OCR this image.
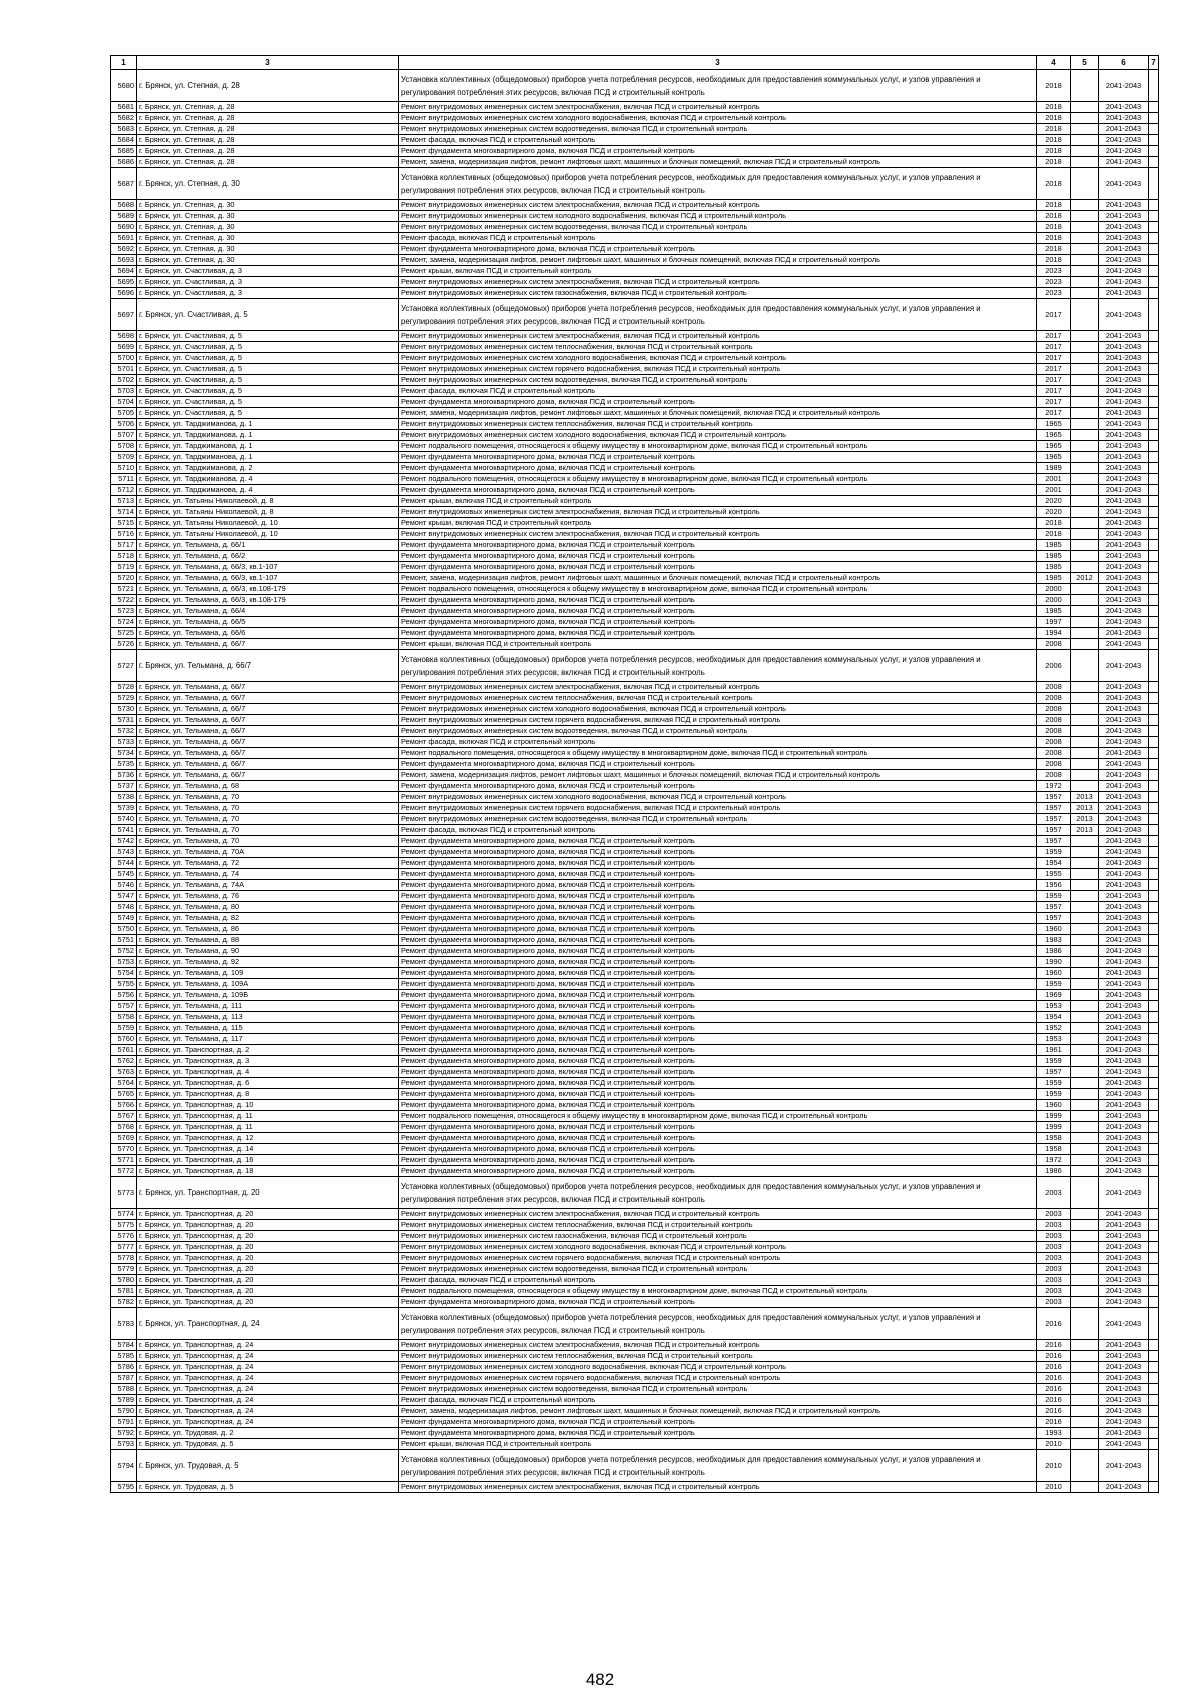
1	3	3	4	5	6	7
5680	г. Брянск, ул. Степная, д. 28	Установка коллективных (общедомовых) приборов учета потребления ресурсов, необходимых для предоставления коммунальных услуг, и узлов управления и регулирования потребления этих ресурсов, включая ПСД и строительный контроль	2018		2041-2043	
5681	г. Брянск, ул. Степная, д. 28	Ремонт внутридомовых инженерных систем электроснабжения, включая ПСД и строительный контроль	2018		2041-2043	
5682	г. Брянск, ул. Степная, д. 28	Ремонт внутридомовых инженерных систем холодного водоснабжения, включая ПСД и строительный контроль	2018		2041-2043	
5683	г. Брянск, ул. Степная, д. 28	Ремонт внутридомовых инженерных систем водоотведения, включая ПСД и строительный контроль	2018		2041-2043	
5684	г. Брянск, ул. Степная, д. 28	Ремонт фасада, включая ПСД и строительный контроль	2018		2041-2043	
5685	г. Брянск, ул. Степная, д. 28	Ремонт фундамента многоквартирного дома, включая ПСД и строительный контроль	2018		2041-2043	
5686	г. Брянск, ул. Степная, д. 28	Ремонт, замена, модернизация лифтов, ремонт лифтовых шахт, машинных и блочных помещений, включая ПСД и строительный контроль	2018		2041-2043	
5687	г. Брянск, ул. Степная, д. 30	Установка коллективных (общедомовых) приборов учета потребления ресурсов, необходимых для предоставления коммунальных услуг, и узлов управления и регулирования потребления этих ресурсов, включая ПСД и строительный контроль	2018		2041-2043	
5688	г. Брянск, ул. Степная, д. 30	Ремонт внутридомовых инженерных систем электроснабжения, включая ПСД и строительный контроль	2018		2041-2043	
5689	г. Брянск, ул. Степная, д. 30	Ремонт внутридомовых инженерных систем холодного водоснабжения, включая ПСД и строительный контроль	2018		2041-2043	
5690	г. Брянск, ул. Степная, д. 30	Ремонт внутридомовых инженерных систем водоотведения, включая ПСД и строительный контроль	2018		2041-2043	
5691	г. Брянск, ул. Степная, д. 30	Ремонт фасада, включая ПСД и строительный контроль	2018		2041-2043	
5692	г. Брянск, ул. Степная, д. 30	Ремонт фундамента многоквартирного дома, включая ПСД и строительный контроль	2018		2041-2043	
5693	г. Брянск, ул. Степная, д. 30	Ремонт, замена, модернизация лифтов, ремонт лифтовых шахт, машинных и блочных помещений, включая ПСД и строительный контроль	2018		2041-2043	
5694	г. Брянск, ул. Счастливая, д. 3	Ремонт крыши, включая ПСД и строительный контроль	2023		2041-2043	
5695	г. Брянск, ул. Счастливая, д. 3	Ремонт внутридомовых инженерных систем электроснабжения, включая ПСД и строительный контроль	2023		2041-2043	
5696	г. Брянск, ул. Счастливая, д. 3	Ремонт внутридомовых инженерных систем газоснабжения, включая ПСД и строительный контроль	2023		2041-2043	
5697	г. Брянск, ул. Счастливая, д. 5	Установка коллективных (общедомовых) приборов учета потребления ресурсов, необходимых для предоставления коммунальных услуг, и узлов управления и регулирования потребления этих ресурсов, включая ПСД и строительный контроль	2017		2041-2043	
5698	г. Брянск, ул. Счастливая, д. 5	Ремонт внутридомовых инженерных систем электроснабжения, включая ПСД и строительный контроль	2017		2041-2043	
5699	г. Брянск, ул. Счастливая, д. 5	Ремонт внутридомовых инженерных систем теплоснабжения, включая ПСД и строительный контроль	2017		2041-2043	
5700	г. Брянск, ул. Счастливая, д. 5	Ремонт внутридомовых инженерных систем холодного водоснабжения, включая ПСД и строительный контроль	2017		2041-2043	
5701	г. Брянск, ул. Счастливая, д. 5	Ремонт внутридомовых инженерных систем горячего водоснабжения, включая ПСД и строительный контроль	2017		2041-2043	
5702	г. Брянск, ул. Счастливая, д. 5	Ремонт внутридомовых инженерных систем водоотведения, включая ПСД и строительный контроль	2017		2041-2043	
5703	г. Брянск, ул. Счастливая, д. 5	Ремонт фасада, включая ПСД и строительный контроль	2017		2041-2043	
5704	г. Брянск, ул. Счастливая, д. 5	Ремонт фундамента многоквартирного дома, включая ПСД и строительный контроль	2017		2041-2043	
5705	г. Брянск, ул. Счастливая, д. 5	Ремонт, замена, модернизация лифтов, ремонт лифтовых шахт, машинных и блочных помещений, включая ПСД и строительный контроль	2017		2041-2043	
5706	г. Брянск, ул. Тарджиманова, д. 1	Ремонт внутридомовых инженерных систем теплоснабжения, включая ПСД и строительный контроль	1965		2041-2043	
5707	г. Брянск, ул. Тарджиманова, д. 1	Ремонт внутридомовых инженерных систем холодного водоснабжения, включая ПСД и строительный контроль	1965		2041-2043	
5708	г. Брянск, ул. Тарджиманова, д. 1	Ремонт подвального помещения, относящегося к общему имуществу в многоквартирном доме, включая ПСД и строительный контроль	1965		2041-2043	
5709	г. Брянск, ул. Тарджиманова, д. 1	Ремонт фундамента многоквартирного дома, включая ПСД и строительный контроль	1965		2041-2043	
5710	г. Брянск, ул. Тарджиманова, д. 2	Ремонт фундамента многоквартирного дома, включая ПСД и строительный контроль	1989		2041-2043	
5711	г. Брянск, ул. Тарджиманова, д. 4	Ремонт подвального помещения, относящегося к общему имуществу в многоквартирном доме, включая ПСД и строительный контроль	2001		2041-2043	
5712	г. Брянск, ул. Тарджиманова, д. 4	Ремонт фундамента многоквартирного дома, включая ПСД и строительный контроль	2001		2041-2043	
5713	г. Брянск, ул. Татьяны Николаевой, д. 8	Ремонт крыши, включая ПСД и строительный контроль	2020		2041-2043	
5714	г. Брянск, ул. Татьяны Николаевой, д. 8	Ремонт внутридомовых инженерных систем электроснабжения, включая ПСД и строительный контроль	2020		2041-2043	
5715	г. Брянск, ул. Татьяны Николаевой, д. 10	Ремонт крыши, включая ПСД и строительный контроль	2018		2041-2043	
5716	г. Брянск, ул. Татьяны Николаевой, д. 10	Ремонт внутридомовых инженерных систем электроснабжения, включая ПСД и строительный контроль	2018		2041-2043	
5717	г. Брянск, ул. Тельмана, д. 66/1	Ремонт фундамента многоквартирного дома, включая ПСД и строительный контроль	1985		2041-2043	
5718	г. Брянск, ул. Тельмана, д. 66/2	Ремонт фундамента многоквартирного дома, включая ПСД и строительный контроль	1985		2041-2043	
5719	г. Брянск, ул. Тельмана, д. 66/3, кв.1-107	Ремонт фундамента многоквартирного дома, включая ПСД и строительный контроль	1985		2041-2043	
5720	г. Брянск, ул. Тельмана, д. 66/3, кв.1-107	Ремонт, замена, модернизация лифтов, ремонт лифтовых шахт, машинных и блочных помещений, включая ПСД и строительный контроль	1985	2012	2041-2043	
5721	г. Брянск, ул. Тельмана, д. 66/3, кв.108-179	Ремонт подвального помещения, относящегося к общему имуществу в многоквартирном доме, включая ПСД и строительный контроль	2000		2041-2043	
5722	г. Брянск, ул. Тельмана, д. 66/3, кв.108-179	Ремонт фундамента многоквартирного дома, включая ПСД и строительный контроль	2000		2041-2043	
5723	г. Брянск, ул. Тельмана, д. 66/4	Ремонт фундамента многоквартирного дома, включая ПСД и строительный контроль	1985		2041-2043	
5724	г. Брянск, ул. Тельмана, д. 66/5	Ремонт фундамента многоквартирного дома, включая ПСД и строительный контроль	1997		2041-2043	
5725	г. Брянск, ул. Тельмана, д. 66/6	Ремонт фундамента многоквартирного дома, включая ПСД и строительный контроль	1994		2041-2043	
5726	г. Брянск, ул. Тельмана, д. 66/7	Ремонт крыши, включая ПСД и строительный контроль	2008		2041-2043	
5727	г. Брянск, ул. Тельмана, д. 66/7	Установка коллективных (общедомовых) приборов учета потребления ресурсов, необходимых для предоставления коммунальных услуг, и узлов управления и регулирования потребления этих ресурсов, включая ПСД и строительный контроль	2006		2041-2043	
5728	г. Брянск, ул. Тельмана, д. 66/7	Ремонт внутридомовых инженерных систем электроснабжения, включая ПСД и строительный контроль	2008		2041-2043	
5729	г. Брянск, ул. Тельмана, д. 66/7	Ремонт внутридомовых инженерных систем теплоснабжения, включая ПСД и строительный контроль	2008		2041-2043	
5730	г. Брянск, ул. Тельмана, д. 66/7	Ремонт внутридомовых инженерных систем холодного водоснабжения, включая ПСД и строительный контроль	2008		2041-2043	
5731	г. Брянск, ул. Тельмана, д. 66/7	Ремонт внутридомовых инженерных систем горячего водоснабжения, включая ПСД и строительный контроль	2008		2041-2043	
5732	г. Брянск, ул. Тельмана, д. 66/7	Ремонт внутридомовых инженерных систем водоотведения, включая ПСД и строительный контроль	2008		2041-2043	
5733	г. Брянск, ул. Тельмана, д. 66/7	Ремонт фасада, включая ПСД и строительный контроль	2008		2041-2043	
5734	г. Брянск, ул. Тельмана, д. 66/7	Ремонт подвального помещения, относящегося к общему имуществу в многоквартирном доме, включая ПСД и строительный контроль	2008		2041-2043	
5735	г. Брянск, ул. Тельмана, д. 66/7	Ремонт фундамента многоквартирного дома, включая ПСД и строительный контроль	2008		2041-2043	
5736	г. Брянск, ул. Тельмана, д. 66/7	Ремонт, замена, модернизация лифтов, ремонт лифтовых шахт, машинных и блочных помещений, включая ПСД и строительный контроль	2008		2041-2043	
5737	г. Брянск, ул. Тельмана, д. 68	Ремонт фундамента многоквартирного дома, включая ПСД и строительный контроль	1972		2041-2043	
5738	г. Брянск, ул. Тельмана, д. 70	Ремонт внутридомовых инженерных систем холодного водоснабжения, включая ПСД и строительный контроль	1957	2013	2041-2043	
5739	г. Брянск, ул. Тельмана, д. 70	Ремонт внутридомовых инженерных систем горячего водоснабжения, включая ПСД и строительный контроль	1957	2013	2041-2043	
5740	г. Брянск, ул. Тельмана, д. 70	Ремонт внутридомовых инженерных систем водоотведения, включая ПСД и строительный контроль	1957	2013	2041-2043	
5741	г. Брянск, ул. Тельмана, д. 70	Ремонт фасада, включая ПСД и строительный контроль	1957	2013	2041-2043	
5742	г. Брянск, ул. Тельмана, д. 70	Ремонт фундамента многоквартирного дома, включая ПСД и строительный контроль	1957		2041-2043	
5743	г. Брянск, ул. Тельмана, д. 70А	Ремонт фундамента многоквартирного дома, включая ПСД и строительный контроль	1959		2041-2043	
5744	г. Брянск, ул. Тельмана, д. 72	Ремонт фундамента многоквартирного дома, включая ПСД и строительный контроль	1954		2041-2043	
5745	г. Брянск, ул. Тельмана, д. 74	Ремонт фундамента многоквартирного дома, включая ПСД и строительный контроль	1955		2041-2043	
5746	г. Брянск, ул. Тельмана, д. 74А	Ремонт фундамента многоквартирного дома, включая ПСД и строительный контроль	1956		2041-2043	
5747	г. Брянск, ул. Тельмана, д. 76	Ремонт фундамента многоквартирного дома, включая ПСД и строительный контроль	1959		2041-2043	
5748	г. Брянск, ул. Тельмана, д. 80	Ремонт фундамента многоквартирного дома, включая ПСД и строительный контроль	1957		2041-2043	
5749	г. Брянск, ул. Тельмана, д. 82	Ремонт фундамента многоквартирного дома, включая ПСД и строительный контроль	1957		2041-2043	
5750	г. Брянск, ул. Тельмана, д. 86	Ремонт фундамента многоквартирного дома, включая ПСД и строительный контроль	1960		2041-2043	
5751	г. Брянск, ул. Тельмана, д. 88	Ремонт фундамента многоквартирного дома, включая ПСД и строительный контроль	1983		2041-2043	
5752	г. Брянск, ул. Тельмана, д. 90	Ремонт фундамента многоквартирного дома, включая ПСД и строительный контроль	1986		2041-2043	
5753	г. Брянск, ул. Тельмана, д. 92	Ремонт фундамента многоквартирного дома, включая ПСД и строительный контроль	1990		2041-2043	
5754	г. Брянск, ул. Тельмана, д. 109	Ремонт фундамента многоквартирного дома, включая ПСД и строительный контроль	1960		2041-2043	
5755	г. Брянск, ул. Тельмана, д. 109А	Ремонт фундамента многоквартирного дома, включая ПСД и строительный контроль	1959		2041-2043	
5756	г. Брянск, ул. Тельмана, д. 109Б	Ремонт фундамента многоквартирного дома, включая ПСД и строительный контроль	1969		2041-2043	
5757	г. Брянск, ул. Тельмана, д. 111	Ремонт фундамента многоквартирного дома, включая ПСД и строительный контроль	1953		2041-2043	
5758	г. Брянск, ул. Тельмана, д. 113	Ремонт фундамента многоквартирного дома, включая ПСД и строительный контроль	1954		2041-2043	
5759	г. Брянск, ул. Тельмана, д. 115	Ремонт фундамента многоквартирного дома, включая ПСД и строительный контроль	1952		2041-2043	
5760	г. Брянск, ул. Тельмана, д. 117	Ремонт фундамента многоквартирного дома, включая ПСД и строительный контроль	1953		2041-2043	
5761	г. Брянск, ул. Транспортная, д. 2	Ремонт фундамента многоквартирного дома, включая ПСД и строительный контроль	1961		2041-2043	
5762	г. Брянск, ул. Транспортная, д. 3	Ремонт фундамента многоквартирного дома, включая ПСД и строительный контроль	1959		2041-2043	
5763	г. Брянск, ул. Транспортная, д. 4	Ремонт фундамента многоквартирного дома, включая ПСД и строительный контроль	1957		2041-2043	
5764	г. Брянск, ул. Транспортная, д. 6	Ремонт фундамента многоквартирного дома, включая ПСД и строительный контроль	1959		2041-2043	
5765	г. Брянск, ул. Транспортная, д. 8	Ремонт фундамента многоквартирного дома, включая ПСД и строительный контроль	1959		2041-2043	
5766	г. Брянск, ул. Транспортная, д. 10	Ремонт фундамента многоквартирного дома, включая ПСД и строительный контроль	1960		2041-2043	
5767	г. Брянск, ул. Транспортная, д. 11	Ремонт подвального помещения, относящегося к общему имуществу в многоквартирном доме, включая ПСД и строительный контроль	1999		2041-2043	
5768	г. Брянск, ул. Транспортная, д. 11	Ремонт фундамента многоквартирного дома, включая ПСД и строительный контроль	1999		2041-2043	
5769	г. Брянск, ул. Транспортная, д. 12	Ремонт фундамента многоквартирного дома, включая ПСД и строительный контроль	1958		2041-2043	
5770	г. Брянск, ул. Транспортная, д. 14	Ремонт фундамента многоквартирного дома, включая ПСД и строительный контроль	1958		2041-2043	
5771	г. Брянск, ул. Транспортная, д. 16	Ремонт фундамента многоквартирного дома, включая ПСД и строительный контроль	1972		2041-2043	
5772	г. Брянск, ул. Транспортная, д. 18	Ремонт фундамента многоквартирного дома, включая ПСД и строительный контроль	1986		2041-2043	
5773	г. Брянск, ул. Транспортная, д. 20	Установка коллективных (общедомовых) приборов учета потребления ресурсов, необходимых для предоставления коммунальных услуг, и узлов управления и регулирования потребления этих ресурсов, включая ПСД и строительный контроль	2003		2041-2043	
5774	г. Брянск, ул. Транспортная, д. 20	Ремонт внутридомовых инженерных систем электроснабжения, включая ПСД и строительный контроль	2003		2041-2043	
5775	г. Брянск, ул. Транспортная, д. 20	Ремонт внутридомовых инженерных систем теплоснабжения, включая ПСД и строительный контроль	2003		2041-2043	
5776	г. Брянск, ул. Транспортная, д. 20	Ремонт внутридомовых инженерных систем газоснабжения, включая ПСД и строительный контроль	2003		2041-2043	
5777	г. Брянск, ул. Транспортная, д. 20	Ремонт внутридомовых инженерных систем холодного водоснабжения, включая ПСД и строительный контроль	2003		2041-2043	
5778	г. Брянск, ул. Транспортная, д. 20	Ремонт внутридомовых инженерных систем горячего водоснабжения, включая ПСД и строительный контроль	2003		2041-2043	
5779	г. Брянск, ул. Транспортная, д. 20	Ремонт внутридомовых инженерных систем водоотведения, включая ПСД и строительный контроль	2003		2041-2043	
5780	г. Брянск, ул. Транспортная, д. 20	Ремонт фасада, включая ПСД и строительный контроль	2003		2041-2043	
5781	г. Брянск, ул. Транспортная, д. 20	Ремонт подвального помещения, относящегося к общему имуществу в многоквартирном доме, включая ПСД и строительный контроль	2003		2041-2043	
5782	г. Брянск, ул. Транспортная, д. 20	Ремонт фундамента многоквартирного дома, включая ПСД и строительный контроль	2003		2041-2043	
5783	г. Брянск, ул. Транспортная, д. 24	Установка коллективных (общедомовых) приборов учета потребления ресурсов, необходимых для предоставления коммунальных услуг, и узлов управления и регулирования потребления этих ресурсов, включая ПСД и строительный контроль	2016		2041-2043	
5784	г. Брянск, ул. Транспортная, д. 24	Ремонт внутридомовых инженерных систем электроснабжения, включая ПСД и строительный контроль	2016		2041-2043	
5785	г. Брянск, ул. Транспортная, д. 24	Ремонт внутридомовых инженерных систем теплоснабжения, включая ПСД и строительный контроль	2016		2041-2043	
5786	г. Брянск, ул. Транспортная, д. 24	Ремонт внутридомовых инженерных систем холодного водоснабжения, включая ПСД и строительный контроль	2016		2041-2043	
5787	г. Брянск, ул. Транспортная, д. 24	Ремонт внутридомовых инженерных систем горячего водоснабжения, включая ПСД и строительный контроль	2016		2041-2043	
5788	г. Брянск, ул. Транспортная, д. 24	Ремонт внутридомовых инженерных систем водоотведения, включая ПСД и строительный контроль	2016		2041-2043	
5789	г. Брянск, ул. Транспортная, д. 24	Ремонт фасада, включая ПСД и строительный контроль	2016		2041-2043	
5790	г. Брянск, ул. Транспортная, д. 24	Ремонт, замена, модернизация лифтов, ремонт лифтовых шахт, машинных и блочных помещений, включая ПСД и строительный контроль	2016		2041-2043	
5791	г. Брянск, ул. Транспортная, д. 24	Ремонт фундамента многоквартирного дома, включая ПСД и строительный контроль	2016		2041-2043	
5792	г. Брянск, ул. Трудовая, д. 2	Ремонт фундамента многоквартирного дома, включая ПСД и строительный контроль	1993		2041-2043	
5793	г. Брянск, ул. Трудовая, д. 5	Ремонт крыши, включая ПСД и строительный контроль	2010		2041-2043	
5794	г. Брянск, ул. Трудовая, д. 5	Установка коллективных (общедомовых) приборов учета потребления ресурсов, необходимых для предоставления коммунальных услуг, и узлов управления и регулирования потребления этих ресурсов, включая ПСД и строительный контроль	2010		2041-2043	
5795	г. Брянск, ул. Трудовая, д. 5	Ремонт внутридомовых инженерных систем электроснабжения, включая ПСД и строительный контроль	2010		2041-2043	
482
